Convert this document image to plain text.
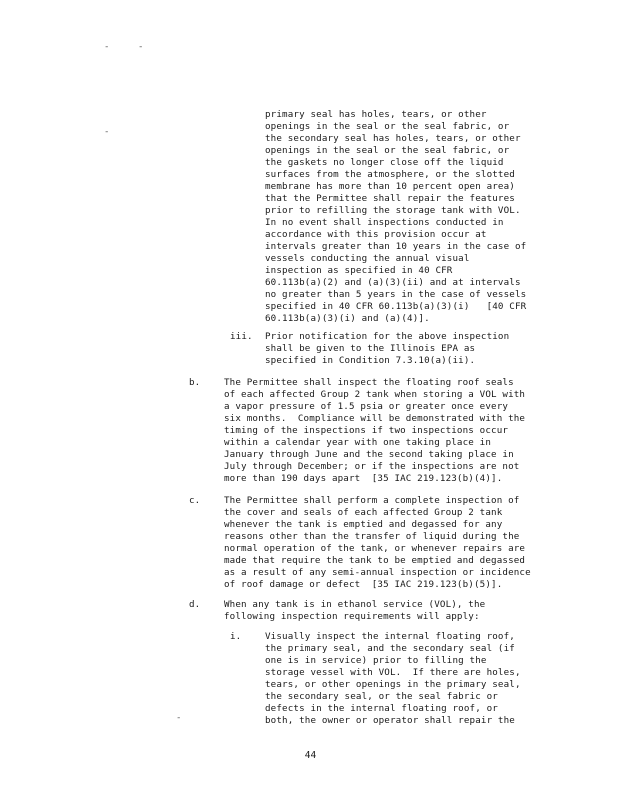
-	-
-
-
primary seal has holes, tears, or other
openings in the seal or the seal fabric, or
the secondary seal has holes, tears, or other
openings in the seal or the seal fabric, or
the gaskets no longer close off the liquid
surfaces from the atmosphere, or the slotted
membrane has more than 10 percent open area)
that the Permittee shall repair the features
prior to refilling the storage tank with VOL.
In no event shall inspections conducted in
accordance with this provision occur at
intervals greater than 10 years in the case of
vessels conducting the annual visual
inspection as specified in 40 CFR
60.113b(a)(2) and (a)(3)(ii) and at intervals
no greater than 5 years in the case of vessels
specified in 40 CFR 60.113b(a)(3)(i)   [40 CFR
60.113b(a)(3)(i) and (a)(4)].
iii. Prior notification for the above inspection
shall be given to the Illinois EPA as
specified in Condition 7.3.10(a)(ii).
b.	The Permittee shall inspect the floating roof seals
of each affected Group 2 tank when storing a VOL with
a vapor pressure of 1.5 psia or greater once every
six months.  Compliance will be demonstrated with the
timing of the inspections if two inspections occur
within a calendar year with one taking place in
January through June and the second taking place in
July through December; or if the inspections are not
more than 190 days apart  [35 IAC 219.123(b)(4)].
c.	The Permittee shall perform a complete inspection of
the cover and seals of each affected Group 2 tank
whenever the tank is emptied and degassed for any
reasons other than the transfer of liquid during the
normal operation of the tank, or whenever repairs are
made that require the tank to be emptied and degassed
as a result of any semi-annual inspection or incidence
of roof damage or defect  [35 IAC 219.123(b)(5)].
d.	When any tank is in ethanol service (VOL), the
following inspection requirements will apply:
i.	Visually inspect the internal floating roof,
the primary seal, and the secondary seal (if
one is in service) prior to filling the
storage vessel with VOL.  If there are holes,
tears, or other openings in the primary seal,
the secondary seal, or the seal fabric or
defects in the internal floating roof, or
both, the owner or operator shall repair the
44
